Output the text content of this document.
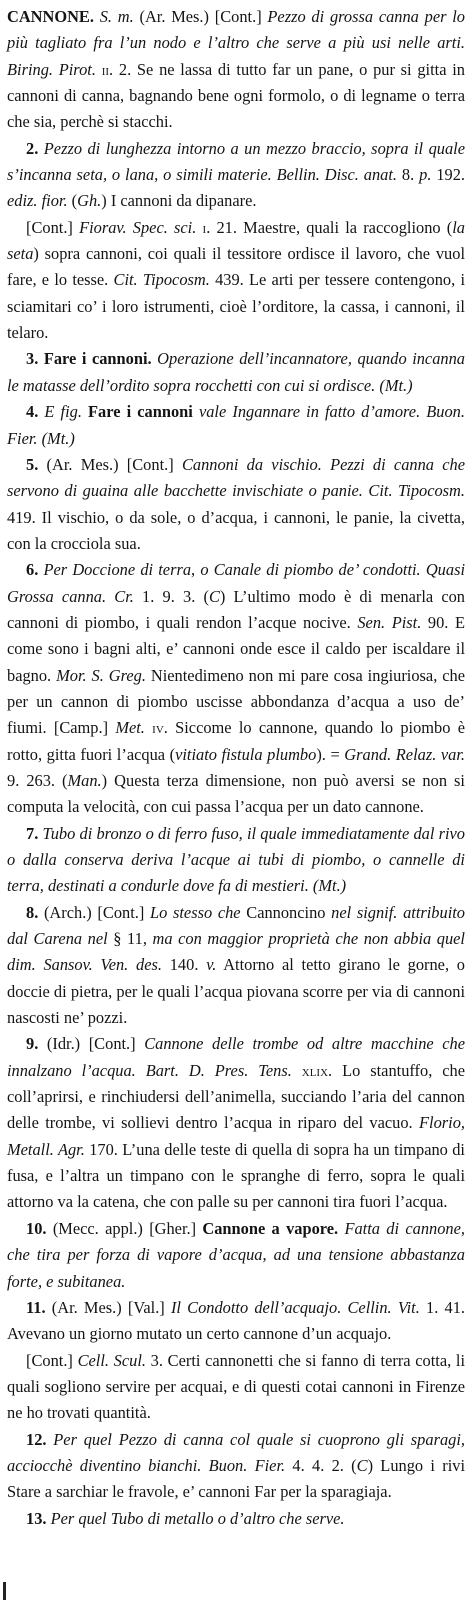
CANNONE. S. m. (Ar. Mes.) [Cont.] Pezzo di grossa canna per lo più tagliato fra l’un nodo e l’altro che serve a più usi nelle arti. Biring. Pirot. ii. 2. Se ne lassa di tutto far un pane, o pur si gitta in cannoni di canna, bagnando bene ogni formolo, o di legname o terra che sia, perchè si stacchi.

2. Pezzo di lunghezza intorno a un mezzo braccio, sopra il quale s’incanna seta, o lana, o simili materie. Bellin. Disc. anat. 8. p. 192. ediz. fior. (Gh.) I cannoni da dipanare.

[Cont.] Fiorav. Spec. sci. i. 21. Maestre, quali la raccogliono (la seta) sopra cannoni, coi quali il tessitore ordisce il lavoro, che vuol fare, e lo tesse. Cit. Tipocosm. 439. Le arti per tessere contengono, i sciamitari co’ i loro istrumenti, cioè l’orditore, la cassa, i cannoni, il telaro.

3. Fare i cannoni. Operazione dell’incannatore, quando incanna le matasse dell’ordito sopra rocchetti con cui si ordisce. (Mt.)

4. E fig. Fare i cannoni vale Ingannare in fatto d’amore. Buon. Fier. (Mt.)

5. (Ar. Mes.) [Cont.] Cannoni da vischio. Pezzi di canna che servono di guaina alle bacchette invischiate o panie. Cit. Tipocosm. 419. Il vischio, o da sole, o d’acqua, i cannoni, le panie, la civetta, con la crocciola sua.

6. Per Doccione di terra, o Canale di piombo de’ condotti. Quasi Grossa canna. Cr. 1. 9. 3. (C) L’ultimo modo è di menarla con cannoni di piombo, i quali rendon l’acque nocive. Sen. Pist. 90. E come sono i bagni alti, e’ cannoni onde esce il caldo per iscaldare il bagno. Mor. S. Greg. Nientedimeno non mi pare cosa ingiuriosa, che per un cannon di piombo uscisse abbondanza d’acqua a uso de’ fiumi. [Camp.] Met. iv. Siccome lo cannone, quando lo piombo è rotto, gitta fuori l’acqua (vitiato fistula plumbo). = Grand. Relaz. var. 9. 263. (Man.) Questa terza dimensione, non può aversi se non si computa la velocità, con cui passa l’acqua per un dato cannone.

7. Tubo di bronzo o di ferro fuso, il quale immediatamente dal rivo o dalla conserva deriva l’acque ai tubi di piombo, o cannelle di terra, destinati a condurle dove fa di mestieri. (Mt.)

8. (Arch.) [Cont.] Lo stesso che Cannoncino nel signif. attribuito dal Carena nel § 11, ma con maggior proprietà che non abbia quel dim. Sansov. Ven. des. 140. v. Attorno al tetto girano le gorne, o doccie di pietra, per le quali l’acqua piovana scorre per via di cannoni nascosti ne’ pozzi.

9. (Idr.) [Cont.] Cannone delle trombe od altre macchine che innalzano l’acqua. Bart. D. Pres. Tens. xlix. Lo stantuffo, che coll’aprirsi, e rinchiudersi dell’animella, succiando l’aria del cannon delle trombe, vi sollievi dentro l’acqua in riparo del vacuo. Florio, Metall. Agr. 170. L’una delle teste di quella di sopra ha un timpano di fusa, e l’altra un timpano con le spranghe di ferro, sopra le quali attorno va la catena, che con palle su per cannoni tira fuori l’acqua.

10. (Mecc. appl.) [Gher.] Cannone a vapore. Fatta di cannone, che tira per forza di vapore d’acqua, ad una tensione abbastanza forte, e subitanea.

11. (Ar. Mes.) [Val.] Il Condotto dell’acquajo. Cellin. Vit. 1. 41. Avevano un giorno mutato un certo cannone d’un acquajo.

[Cont.] Cell. Scul. 3. Certi cannonetti che si fanno di terra cotta, li quali sogliono servire per acquai, e di questi cotai cannoni in Firenze ne ho trovati quantità.

12. Per quel Pezzo di canna col quale si cuoprono gli sparagi, acciocchè diventino bianchi. Buon. Fier. 4. 4. 2. (C) Lungo i rivi Stare a sarchiar le fravole, e’ cannoni Far per la sparagiaja.

13. Per quel Tubo di metallo o d’altro che serve.
